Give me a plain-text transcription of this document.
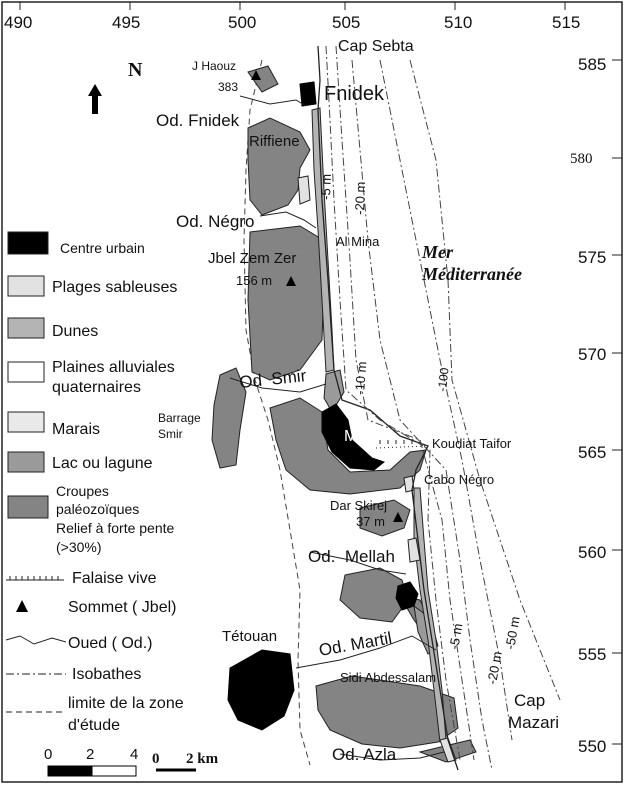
490	495	500	505	510	515
585
580
575
570
565
560
555
550
N
Cap Sebta
J Haouz
383	Fnidek
Od. Fnidek
Riffiene
Od. Négro
Al Mina
Jbel Zem Zer
156 m
Od  Smir
Barrage
Smir	Mdiq	Koudiat Taifor
Cabo Négro
Dar Skirej
37 m
Od.  Mellah
Tétouan Od. Martil
Sidi Abdessalam
Cap
Mazari
Od. Azla
Mer
Méditerranée
-5 m -20 m
-10 m	-100
-5 m
-20 m
-50 m
Centre urbain
Plages sableuses
Dunes
Plaines alluviales
quaternaires
Marais
Lac ou lagune
Croupes
paléozoïques
Relief à forte pente
(>30%)
Falaise vive
Sommet ( Jbel)
Oued ( Od.)
Isobathes
limite de la zone
d'étude
0 2 4 0 2 km
